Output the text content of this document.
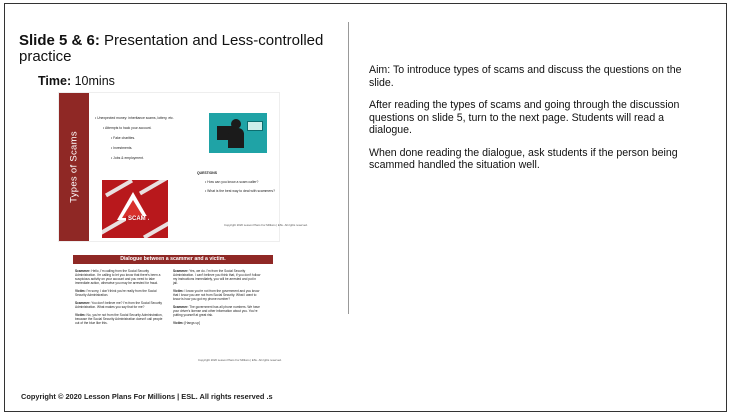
Slide 5 & 6: Presentation and Less-controlled practice
Time: 10mins
Types of Scams
• Unexpected money: inheritance scams, lottery, etc.
• Attempts to hack your account.
• Fake charities.
• Investments.
• Jobs & employment.
SCAM
QUESTIONS
• How can you know a scam caller?
• What is the best way to deal with scammers?
Copyright 2020 Lesson Plans For Millions | ESL. All rights reserved.
Dialogue between a scammer and a victim.

Scammer: Hello, I'm calling from the Social Security Administration. I'm calling to let you know that there's been a suspicious activity on your account and you need to take immediate action, otherwise you may be arrested for fraud.

Victim: I'm sorry, I don't think you're really from the Social Security Administration.

Scammer: You don't believe me? I'm from the Social Security Administration. What makes you say that for me?

Victim: No, you're not from the Social Security Administration, because the Social Security Administration doesn't call people out of the blue like this.

Scammer: Yes, we do. I'm from the Social Security Administration. I can't believe you think that, if you don't follow my instructions immediately, you will be arrested and put in jail.

Victim: I know you're not from the government and you know that I know you are not from Social Security. What I want to know is how you got my phone number?

Scammer: The government has all phone numbers. We have your driver's license and other information about you. You're putting yourself at great risk.

Victim: [Hangs up]

Copyright 2020 Lesson Plans For Millions | ESL. All rights reserved.
Copyright © 2020 Lesson Plans For Millions | ESL. All rights reserved .s

Aim: To introduce types of scams and discuss the questions on the slide.

After reading the types of scams and going through the discussion questions on slide 5, turn to the next page. Students will read a dialogue.

When done reading the dialogue, ask students if the person being scammed handled the situation well.
